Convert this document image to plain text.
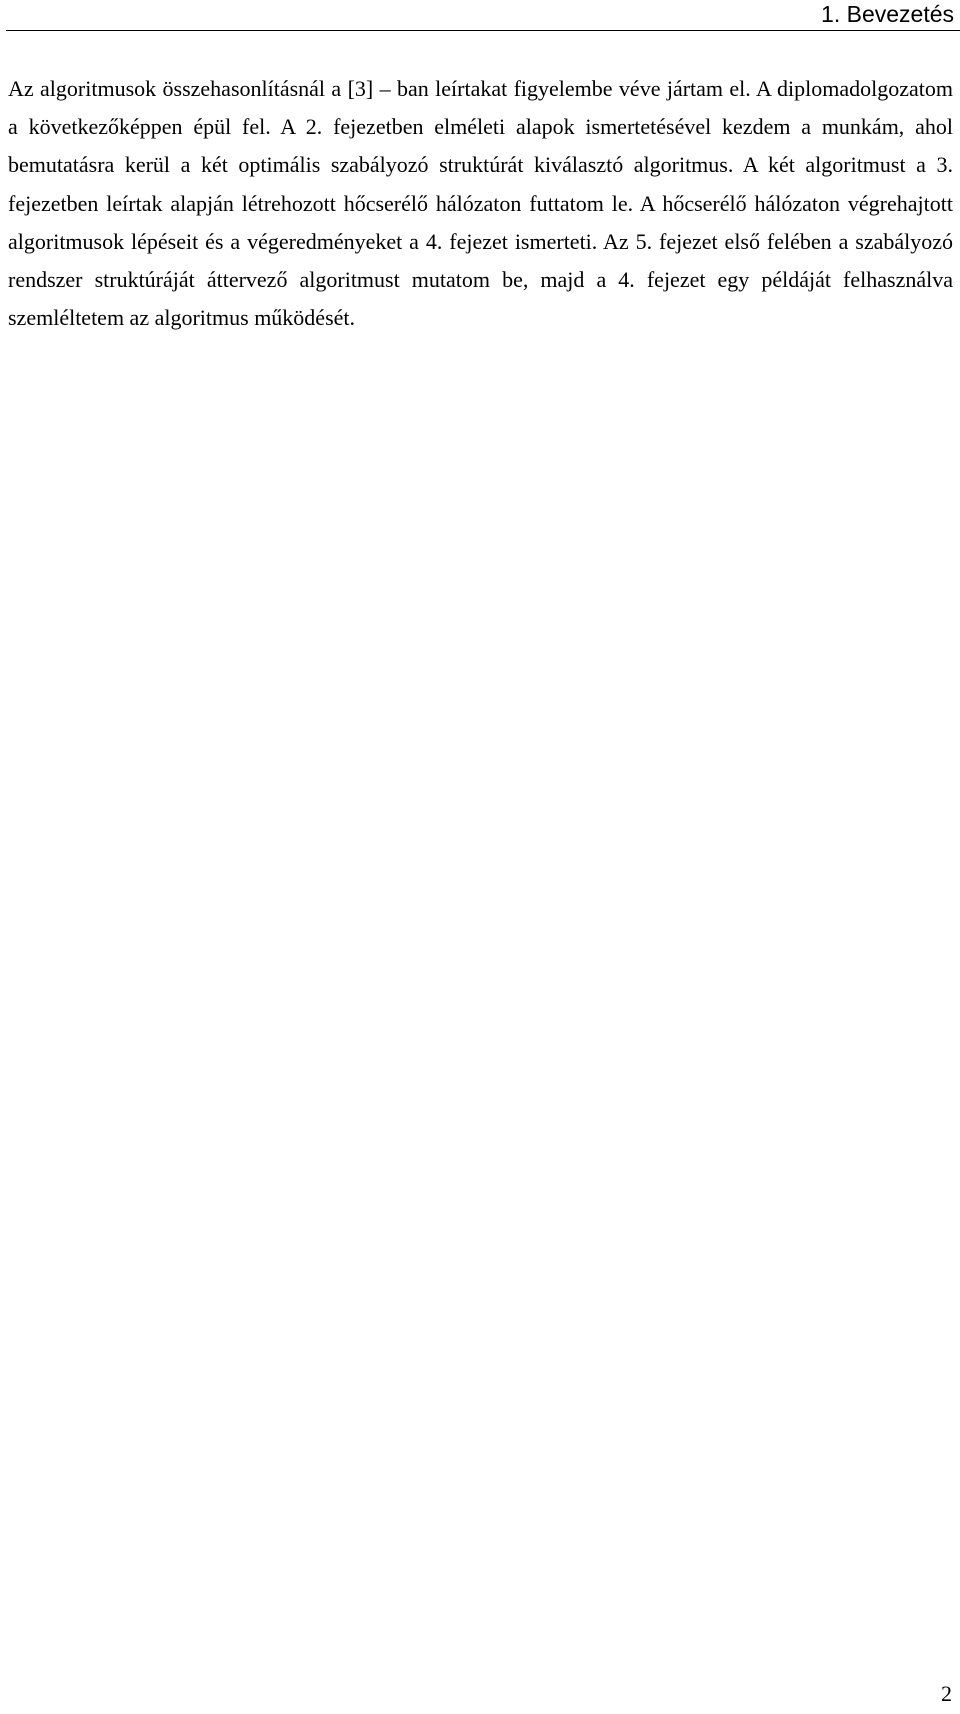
1. Bevezetés

Az algoritmusok összehasonlításnál a [3] – ban leírtakat figyelembe véve jártam el. A diplomadolgozatom a következőképpen épül fel. A 2. fejezetben elméleti alapok ismertetésével kezdem a munkám, ahol bemutatásra kerül a két optimális szabályozó struktúrát kiválasztó algoritmus. A két algoritmust a 3. fejezetben leírtak alapján létrehozott hőcserélő hálózaton futtatom le. A hőcserélő hálózaton végrehajtott algoritmusok lépéseit és a végeredményeket a 4. fejezet ismerteti. Az 5. fejezet első felében a szabályozó rendszer struktúráját áttervező algoritmust mutatom be, majd a 4. fejezet egy példáját felhasználva szemléltetem az algoritmus működését.

2
